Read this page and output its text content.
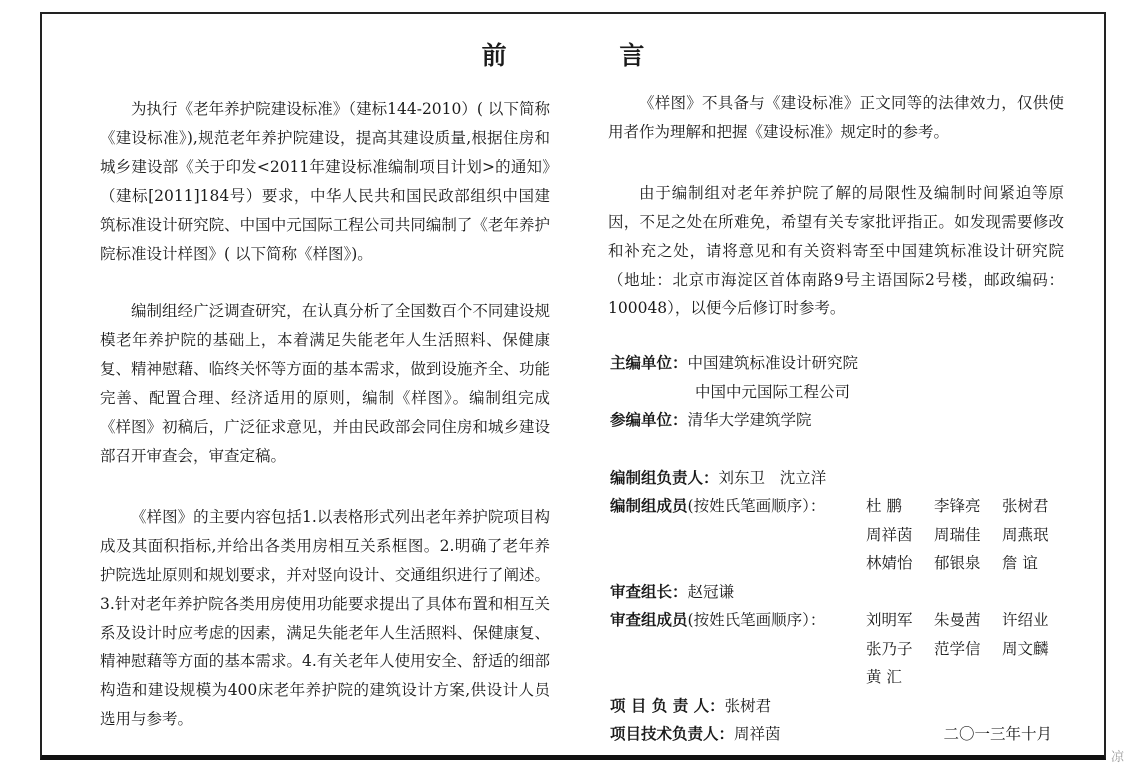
前 言

为执行《老年养护院建设标准》（建标144-2010）( 以下简称《建设标准》),规范老年养护院建设，提高其建设质量,根据住房和城乡建设部《关于印发<2011年建设标准编制项目计划>的通知》（建标[2011]184号）要求，中华人民共和国民政部组织中国建筑标准设计研究院、中国中元国际工程公司共同编制了《老年养护院标准设计样图》( 以下简称《样图》)。

编制组经广泛调查研究，在认真分析了全国数百个不同建设规模老年养护院的基础上，本着满足失能老年人生活照料、保健康复、精神慰藉、临终关怀等方面的基本需求，做到设施齐全、功能完善、配置合理、经济适用的原则，编制《样图》。编制组完成《样图》初稿后，广泛征求意见，并由民政部会同住房和城乡建设部召开审查会，审查定稿。

《样图》的主要内容包括1.以表格形式列出老年养护院项目构成及其面积指标,并给出各类用房相互关系框图。2.明确了老年养护院选址原则和规划要求，并对竖向设计、交通组织进行了阐述。3.针对老年养护院各类用房使用功能要求提出了具体布置和相互关系及设计时应考虑的因素，满足失能老年人生活照料、保健康复、精神慰藉等方面的基本需求。4.有关老年人使用安全、舒适的细部构造和建设规模为400床老年养护院的建筑设计方案,供设计人员选用与参考。

《样图》不具备与《建设标准》正文同等的法律效力，仅供使用者作为理解和把握《建设标准》规定时的参考。

由于编制组对老年养护院了解的局限性及编制时间紧迫等原因，不足之处在所难免，希望有关专家批评指正。如发现需要修改和补充之处，请将意见和有关资料寄至中国建筑标准设计研究院（地址：北京市海淀区首体南路9号主语国际2号楼，邮政编码：100048），以便今后修订时参考。

主编单位：中国建筑标准设计研究院
中国中元国际工程公司
参编单位：清华大学建筑学院
编制组负责人：刘东卫   沈立洋
编制组成员(按姓氏笔画顺序）：	杜 鹏 李锋亮 张树君
周祥茵 周瑞佳 周燕珉
林婧怡 郁银泉 詹 谊
审查组长：赵冠谦
审查组成员(按姓氏笔画顺序）：	刘明军 朱曼茜 许绍业
张乃子 范学信 周文麟
黄 汇
项 目 负 责 人：张树君
项目技术负责人：周祥茵	二〇一三年十月
凉
